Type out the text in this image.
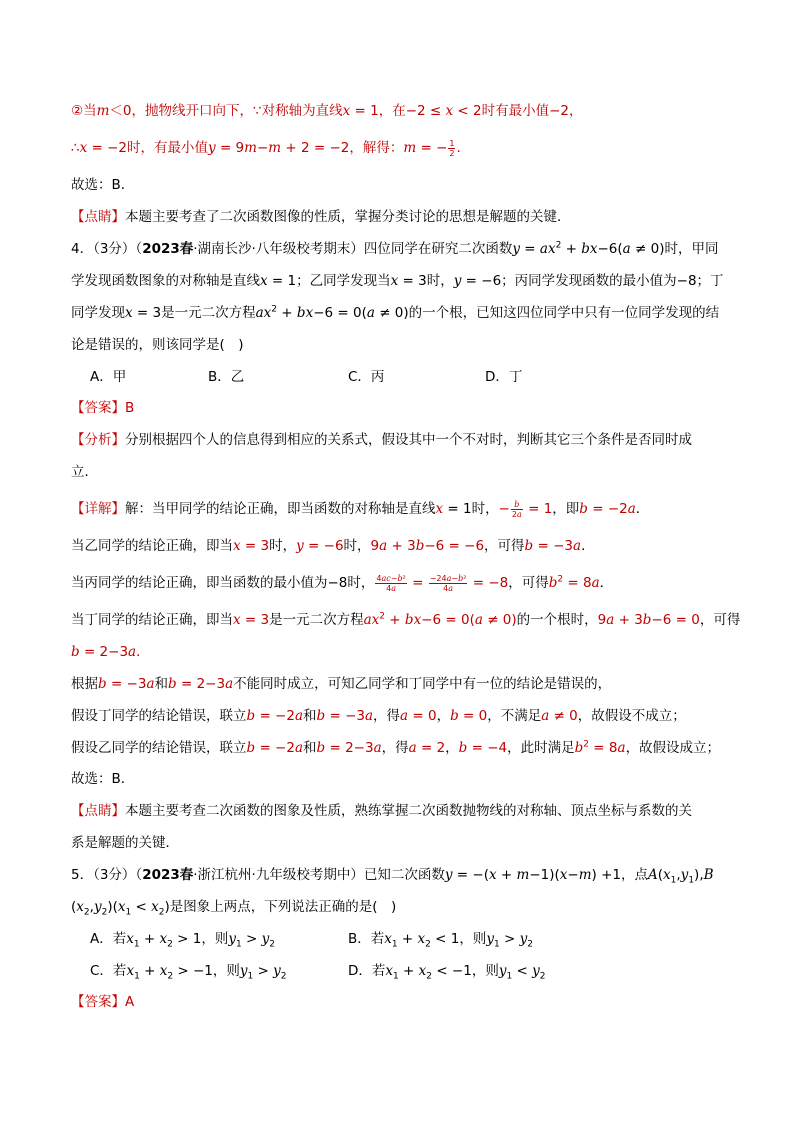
②当m＜0，抛物线开口向下，∵对称轴为直线x = 1，在−2 ≤ x < 2时有最小值−2，
∴x = −2时，有最小值y = 9m−m + 2 = −2，解得：m = − $\frac{1}{2}$ .
故选：B．
【点睛】本题主要考查了二次函数图像的性质，掌握分类讨论的思想是解题的关键．
4．（3分）（2023春·湖南长沙·八年级校考期末）四位同学在研究二次函数$y = ax^2 + bx-6(a \ne 0)$时，甲同
学发现函数图象的对称轴是直线x = 1；乙同学发现当x = 3时，y = −6；丙同学发现函数的最小值为−8；丁
同学发现x = 3是一元二次方程$ax^2 + bx-6 = 0(a \ne 0)$的一个根，已知这四位同学中只有一位同学发现的结
论是错误的，则该同学是(　)
A．甲	B．乙	C．丙	D．丁
【答案】B
【分析】分别根据四个人的信息得到相应的关系式，假设其中一个不对时，判断其它三个条件是否同时成
立．
【详解】解：当甲同学的结论正确，即当函数的对称轴是直线x = 1时，− $\frac{b}{2a} = 1$，即b = −2a．
当乙同学的结论正确，即当x = 3时，y = −6时，9a + 3b−6 = −6，可得b = −3a．
当丙同学的结论正确，即当函数的最小值为−8时， $\frac{\text{4ac−b²}}{4a} = \frac{\text{−24a−b²}}{4a} = -8$，可得$b^2 = 8a$．
当丁同学的结论正确，即当x = 3是一元二次方程$ax^2 + bx-6 = 0(a \ne 0)$的一个根时，9a + 3b−6 = 0，可得
b = 2−3a．
根据b = −3a和b = 2−3a不能同时成立，可知乙同学和丁同学中有一位的结论是错误的，
假设丁同学的结论错误，联立b = −2a和b = −3a，得a = 0，b = 0，不满足a ≠ 0，故假设不成立；
假设乙同学的结论错误，联立b = −2a和b = 2−3a，得a = 2，b = −4，此时满足$b^2 = 8a$，故假设成立；
故选：B．
【点睛】本题主要考查二次函数的图象及性质，熟练掌握二次函数抛物线的对称轴、顶点坐标与系数的关
系是解题的关键．
5．（3分）（2023春·浙江杭州·九年级校考期中）已知二次函数y = −(x + m−1)(x−m) +1，点$A(x_1,y_1),B$
$(x_2,y_2)(x_1 < x_2)$是图象上两点，下列说法正确的是(　)
A．若$x_1 + x_2 > 1$，则$y_1 > y_2$	B．若$x_1 + x_2 < 1$，则$y_1 > y_2$
C．若$x_1 + x_2 > -1$，则$y_1 > y_2$	D．若$x_1 + x_2 < -1$，则$y_1 < y_2$
【答案】A
